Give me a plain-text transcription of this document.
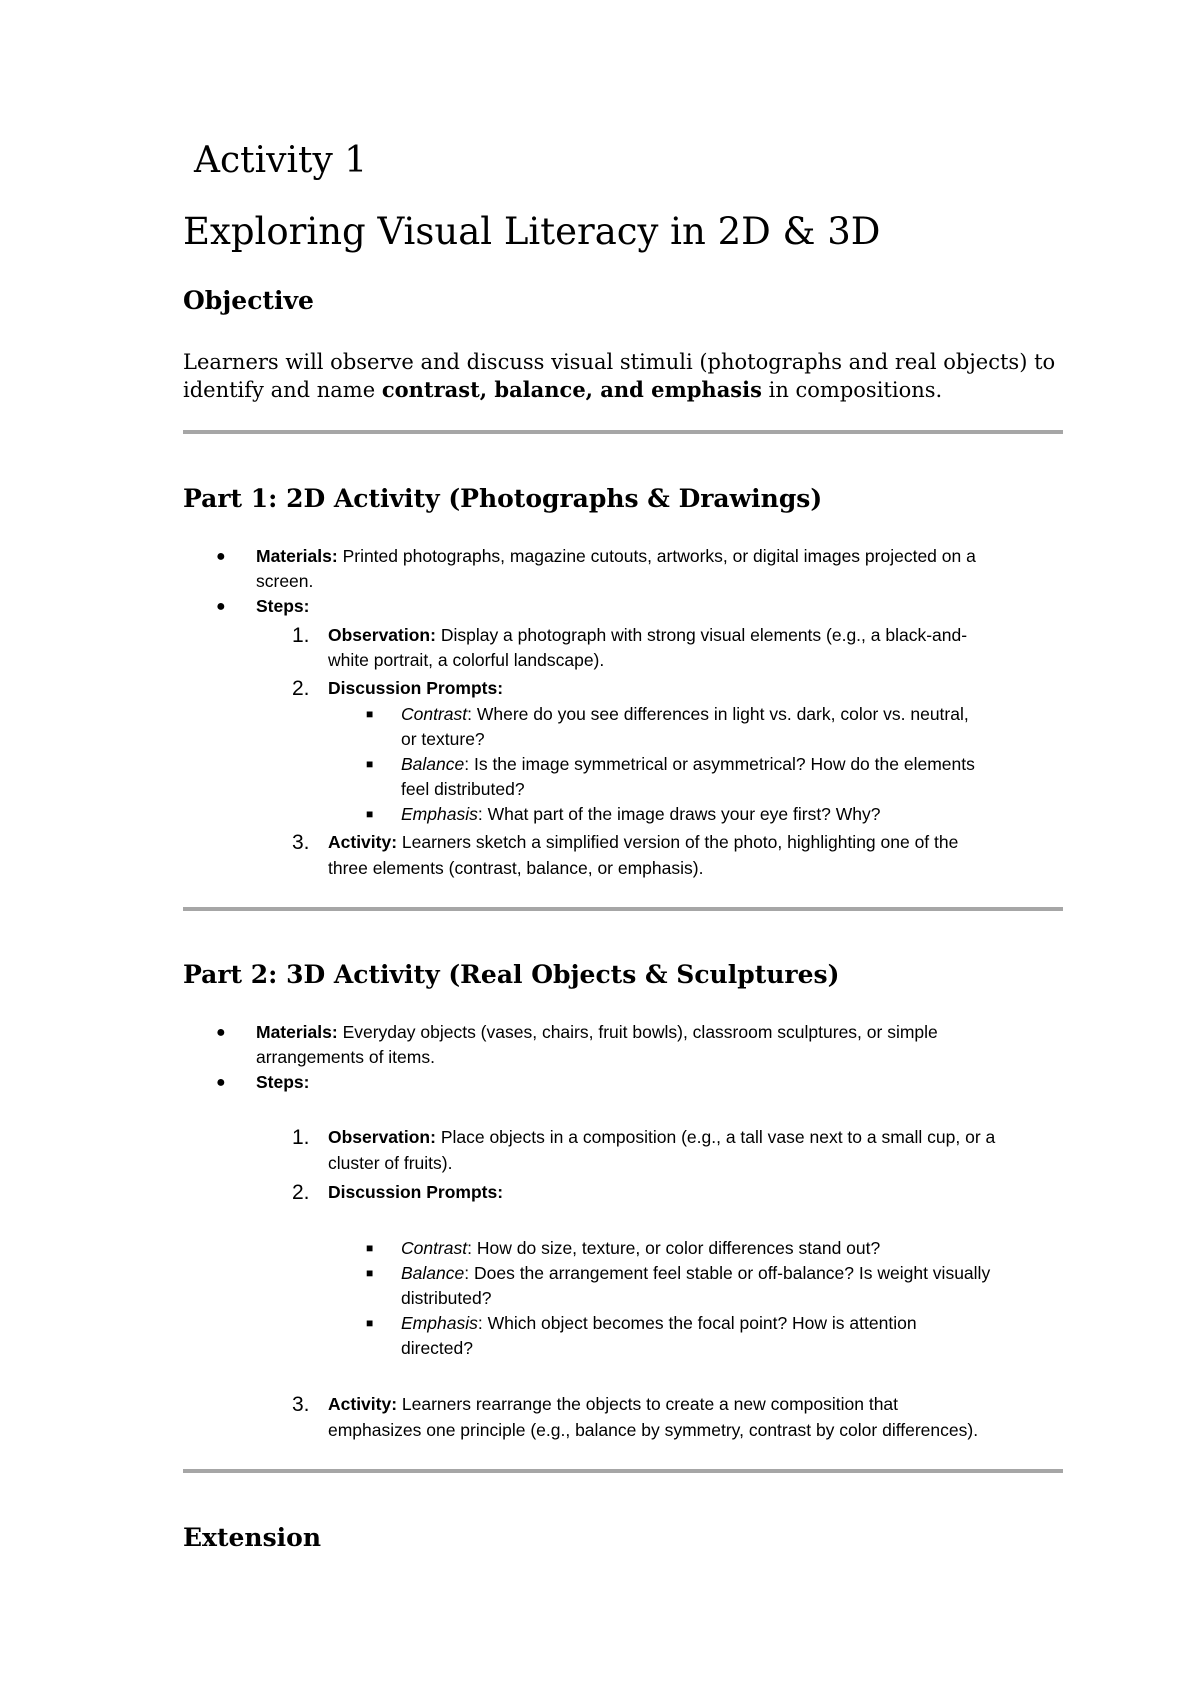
Activity 1
Exploring Visual Literacy in 2D & 3D
Objective

Learners will observe and discuss visual stimuli (photographs and real objects) to
identify and name contrast, balance, and emphasis in compositions.

Part 1: 2D Activity (Photographs & Drawings)
● Materials: Printed photographs, magazine cutouts, artworks, or digital images projected on a
screen.
● Steps:
1. Observation: Display a photograph with strong visual elements (e.g., a black-and-
white portrait, a colorful landscape).
2. Discussion Prompts:
■ Contrast: Where do you see differences in light vs. dark, color vs. neutral,
or texture?
■ Balance: Is the image symmetrical or asymmetrical? How do the elements
feel distributed?
■ Emphasis: What part of the image draws your eye first? Why?
3. Activity: Learners sketch a simplified version of the photo, highlighting one of the
three elements (contrast, balance, or emphasis).
Part 2: 3D Activity (Real Objects & Sculptures)
● Materials: Everyday objects (vases, chairs, fruit bowls), classroom sculptures, or simple
arrangements of items.
● Steps:
1. Observation: Place objects in a composition (e.g., a tall vase next to a small cup, or a
cluster of fruits).
2. Discussion Prompts:
■ Contrast: How do size, texture, or color differences stand out?
■ Balance: Does the arrangement feel stable or off-balance? Is weight visually
distributed?
■ Emphasis: Which object becomes the focal point? How is attention
directed?
3. Activity: Learners rearrange the objects to create a new composition that
emphasizes one principle (e.g., balance by symmetry, contrast by color differences).
Extension
